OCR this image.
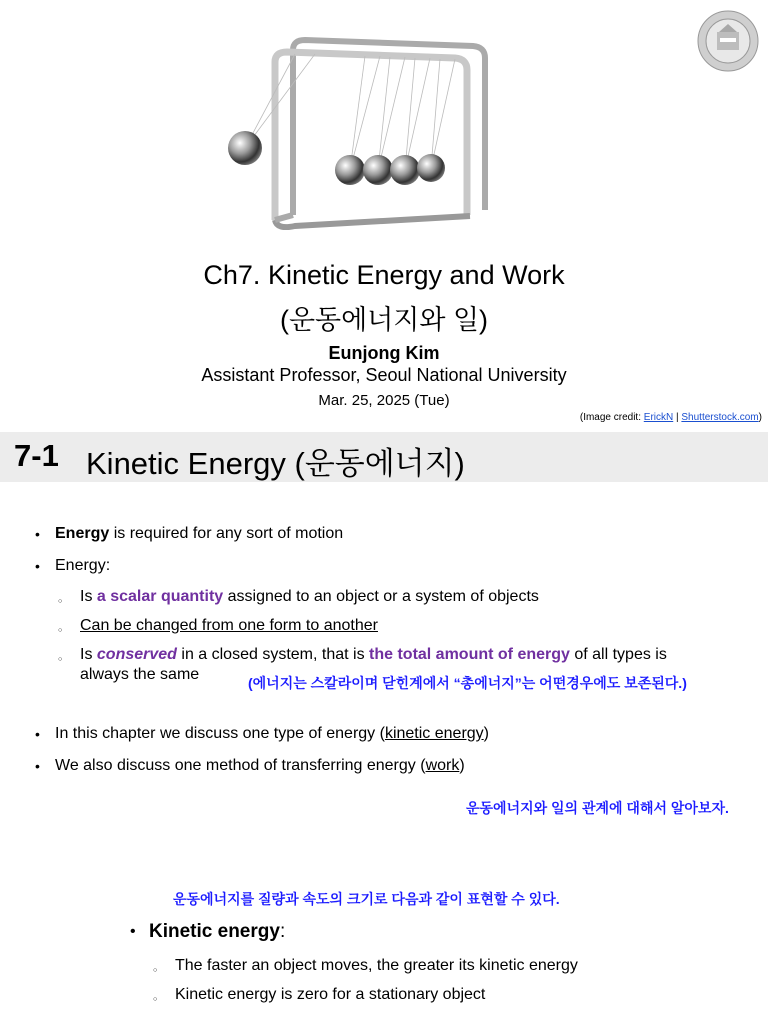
Ch7. Kinetic Energy and Work
(운동에너지와 일)
Eunjong Kim
Assistant Professor, Seoul National University
Mar. 25, 2025 (Tue)
(Image credit: ErickN | Shutterstock.com)
7-1 Kinetic Energy (운동에너지)
• Energy is required for any sort of motion
• Energy:
○ Is a scalar quantity assigned to an object or a system of objects
○ Can be changed from one form to another
○ Is conserved in a closed system, that is the total amount of energy of all types is
always the same	(에너지는 스칼라이며 닫힌계에서 “총에너지”는 어떤경우에도 보존된다.)
• In this chapter we discuss one type of energy (kinetic energy)
• We also discuss one method of transferring energy (work)
운동에너지와 일의 관계에 대해서 알아보자.
운동에너지를 질량과 속도의 크기로 다음과 같이 표현할 수 있다.
• Kinetic energy:
○ The faster an object moves, the greater its kinetic energy
○ Kinetic energy is zero for a stationary object
